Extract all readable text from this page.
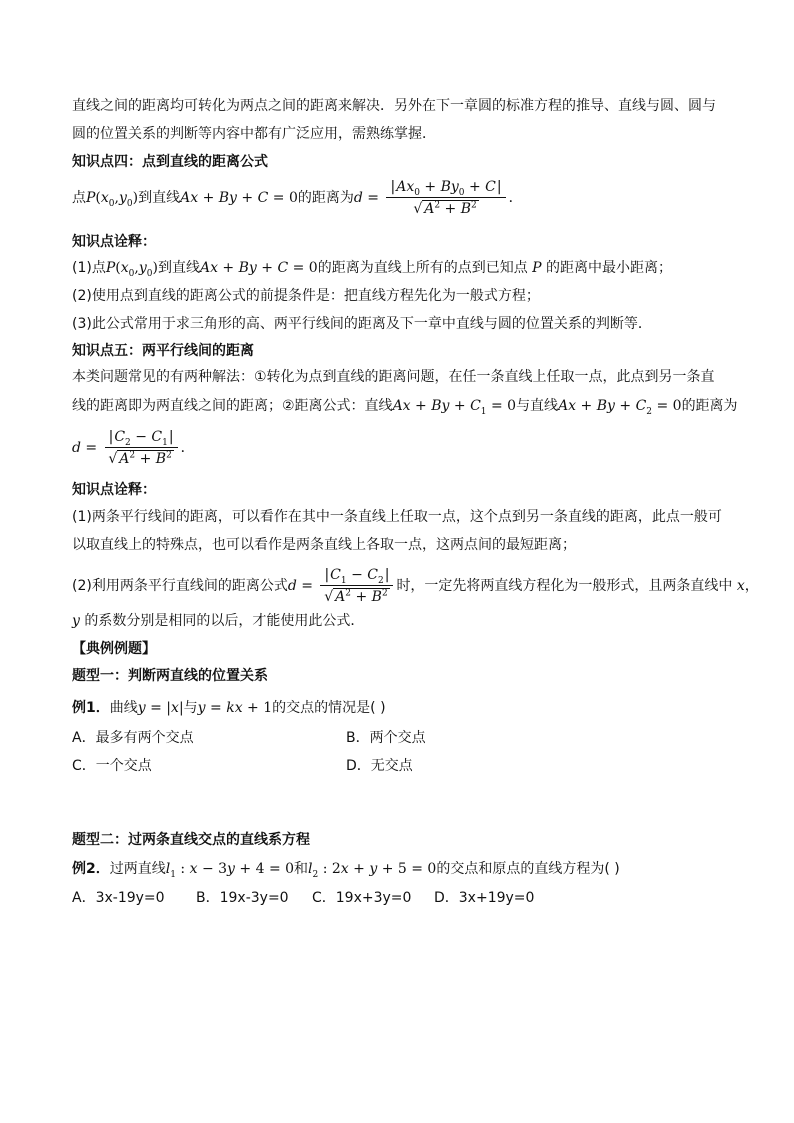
直线之间的距离均可转化为两点之间的距离来解决．另外在下一章圆的标准方程的推导、直线与圆、圆与
圆的位置关系的判断等内容中都有广泛应用，需熟练掌握．
知识点四：点到直线的距离公式
点$P(x_0,y_0)$到直线Ax + By + C = 0的距离为$d = \frac{|Ax_0 + By_0 + C|}{√ A^2 + B^2}$ ．
知识点诠释：
(1)点$P(x_0,y_0)$到直线Ax + By + C = 0的距离为直线上所有的点到已知点 P 的距离中最小距离；
(2)使用点到直线的距离公式的前提条件是：把直线方程先化为一般式方程；
(3)此公式常用于求三角形的高、两平行线间的距离及下一章中直线与圆的位置关系的判断等．
知识点五：两平行线间的距离
本类问题常见的有两种解法：①转化为点到直线的距离问题，在任一条直线上任取一点，此点到另一条直
线的距离即为两直线之间的距离；②距离公式：直线$Ax + By + C_1 = 0$与直线$Ax + By + C_2 = 0$的距离为
$d = \frac{|C_2 - C_1|}{√ A^2 + B^2}$ ．
知识点诠释：
(1)两条平行线间的距离，可以看作在其中一条直线上任取一点，这个点到另一条直线的距离，此点一般可
以取直线上的特殊点，也可以看作是两条直线上各取一点，这两点间的最短距离；
(2)利用两条平行直线间的距离公式$d = \frac{|C_1 - C_2|}{√ A^2 + B^2}$ 时，一定先将两直线方程化为一般形式，且两条直线中 x，
y 的系数分别是相同的以后，才能使用此公式．
【典例例题】
题型一：判断两直线的位置关系
例1．曲线y = |x|与y = kx + 1的交点的情况是( )
A．最多有两个交点	B．两个交点
C．一个交点	D．无交点
题型二：过两条直线交点的直线系方程
例2．过两直线$l_1$ : x − 3y + 4 = 0和$l_2$ : 2x + y + 5 = 0的交点和原点的直线方程为( )
A．3x-19y=0 B．19x-3y=0 C．19x+3y=0 D．3x+19y=0
